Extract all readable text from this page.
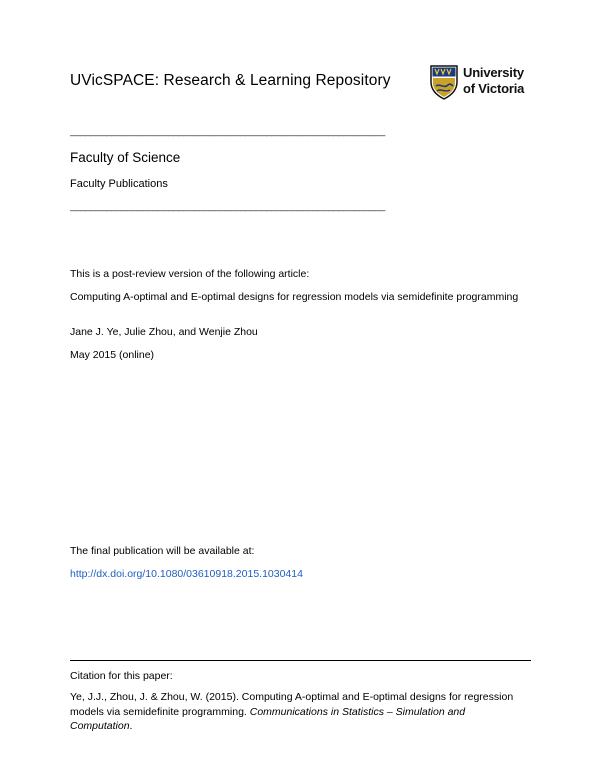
UVicSPACE: Research & Learning Repository	University
of Victoria
_____________________________________________________________
Faculty of Science
Faculty Publications
_____________________________________________________________
This is a post-review version of the following article:
Computing A-optimal and E-optimal designs for regression models via semidefinite programming
Jane J. Ye, Julie Zhou, and Wenjie Zhou
May 2015 (online)
The final publication will be available at:
http://dx.doi.org/10.1080/03610918.2015.1030414
Citation for this paper:
Ye, J.J., Zhou, J. & Zhou, W. (2015). Computing A-optimal and E-optimal designs for regression models via semidefinite programming. Communications in Statistics – Simulation and Computation.
